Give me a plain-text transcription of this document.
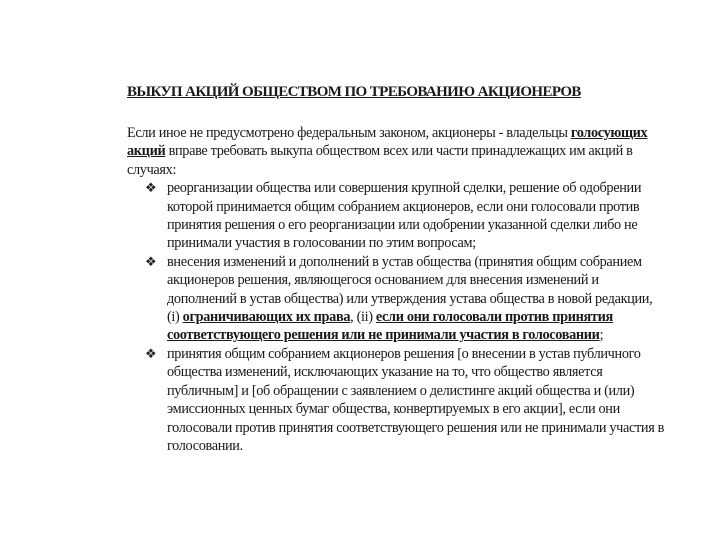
ВЫКУП АКЦИЙ ОБЩЕСТВОМ ПО ТРЕБОВАНИЮ АКЦИОНЕРОВ

Если иное не предусмотрено федеральным законом, акционеры - владельцы голосующих акций вправе требовать выкупа обществом всех или части принадлежащих им акций в случаях:

❖ реорганизации общества или совершения крупной сделки, решение об одобрении которой принимается общим собранием акционеров, если они голосовали против принятия решения о его реорганизации или одобрении указанной сделки либо не принимали участия в голосовании по этим вопросам;
❖ внесения изменений и дополнений в устав общества (принятия общим собранием акционеров решения, являющегося основанием для внесения изменений и дополнений в устав общества) или утверждения устава общества в новой редакции, (i) ограничивающих их права, (ii) если они голосовали против принятия соответствующего решения или не принимали участия в голосовании;
❖ принятия общим собранием акционеров решения [о внесении в устав публичного общества изменений, исключающих указание на то, что общество является публичным] и [об обращении с заявлением о делистинге акций общества и (или) эмиссионных ценных бумаг общества, конвертируемых в его акции], если они голосовали против принятия соответствующего решения или не принимали участия в голосовании.
